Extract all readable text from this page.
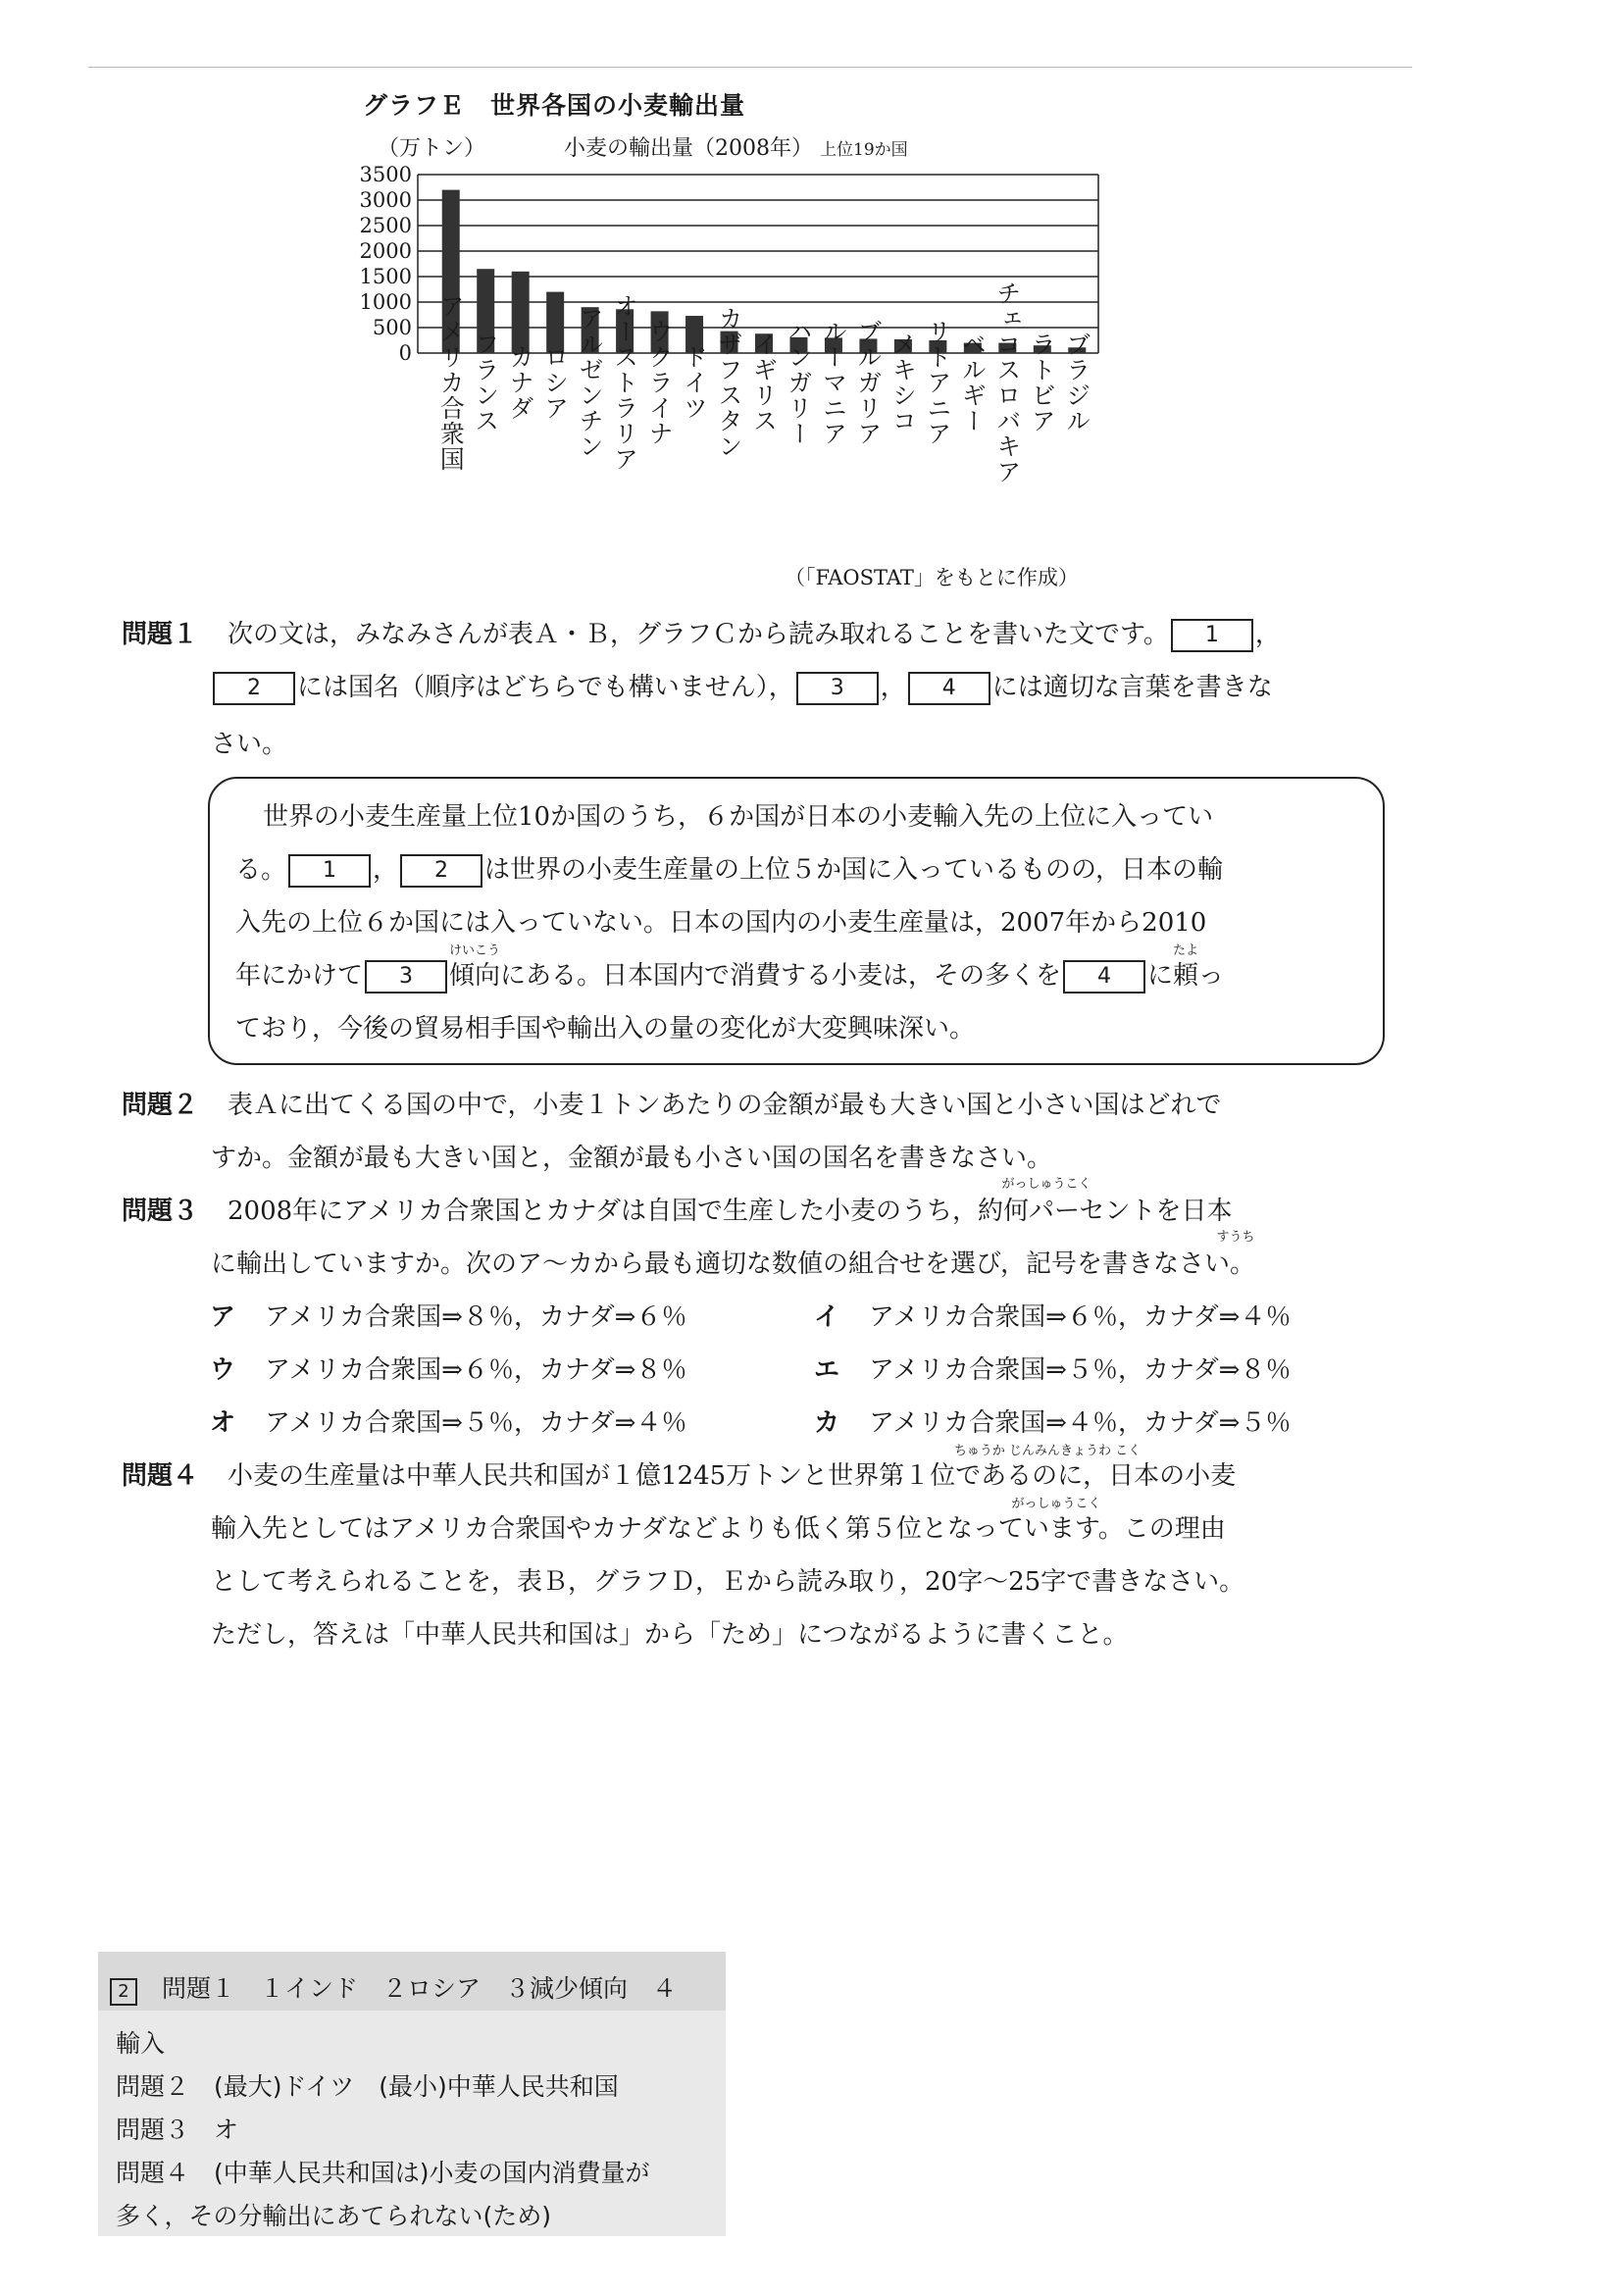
グラフＥ　世界各国の小麦輸出量
（万トン）	小麦の輸出量（2008年） 上位19か国
3500
3000
2500
2000
1500
1000
500
0 アメリカ合衆国 フランス カナダ ロシア アルゼンチン オーストラリア ウクライナ ドイツ カザフスタン イギリス ハンガリー ルーマニア ブルガリア メキシコ リトアニア ベルギー チェコスロバキア ラトビア ブラジル
（「FAOSTAT」をもとに作成）
問題１ 次の文は，みなみさんが表Ａ・Ｂ，グラフＣから読み取れることを書いた文です。 1 ，
2 には国名（順序はどちらでも構いません）， 3 ， 4 には適切な言葉を書きな
さい。
世界の小麦生産量上位10か国のうち，６か国が日本の小麦輸入先の上位に入ってい
る。 1 ， 2 は世界の小麦生産量の上位５か国に入っているものの，日本の輸
入先の上位６か国には入っていない。日本の国内の小麦生産量は，2007年から2010
年にかけて 3
けいこう
傾向にある。日本国内で消費する小麦は，その多くを 4
たよ
に頼っ
ており，今後の貿易相手国や輸出入の量の変化が大変興味深い。
問題２ 表Ａに出てくる国の中で，小麦１トンあたりの金額が最も大きい国と小さい国はどれで
すか。金額が最も大きい国と，金額が最も小さい国の国名を書きなさい。
問題３ 2008年にアメリカ合衆国とカナダは自国で生産した小麦のうち，約何パーセントを日本
がっしゅうこく
に輸出していますか。次のア～カから最も適切な数値の組合せを選び，記号を書きなさい。
すうち
ア アメリカ合衆国⇒８％，カナダ⇒６％	イ アメリカ合衆国⇒６％，カナダ⇒４％
ウ アメリカ合衆国⇒６％，カナダ⇒８％	エ アメリカ合衆国⇒５％，カナダ⇒８％
オ アメリカ合衆国⇒５％，カナダ⇒４％	カ アメリカ合衆国⇒４％，カナダ⇒５％
ちゅうか じんみんきょうわ こく
問題４ 小麦の生産量は中華人民共和国が１億1245万トンと世界第１位であるのに，日本の小麦
がっしゅうこく
輸入先としてはアメリカ合衆国やカナダなどよりも低く第５位となっています。この理由
として考えられることを，表Ｂ，グラフＤ，Ｅから読み取り，20字～25字で書きなさい。
ただし，答えは「中華人民共和国は」から「ため」につながるように書くこと。
2　 問題１　１インド　２ロシア　３減少傾向　４
輸入
問題２　(最大)ドイツ　(最小)中華人民共和国
問題３　オ
問題４　(中華人民共和国は)小麦の国内消費量が
多く，その分輸出にあてられない(ため)
